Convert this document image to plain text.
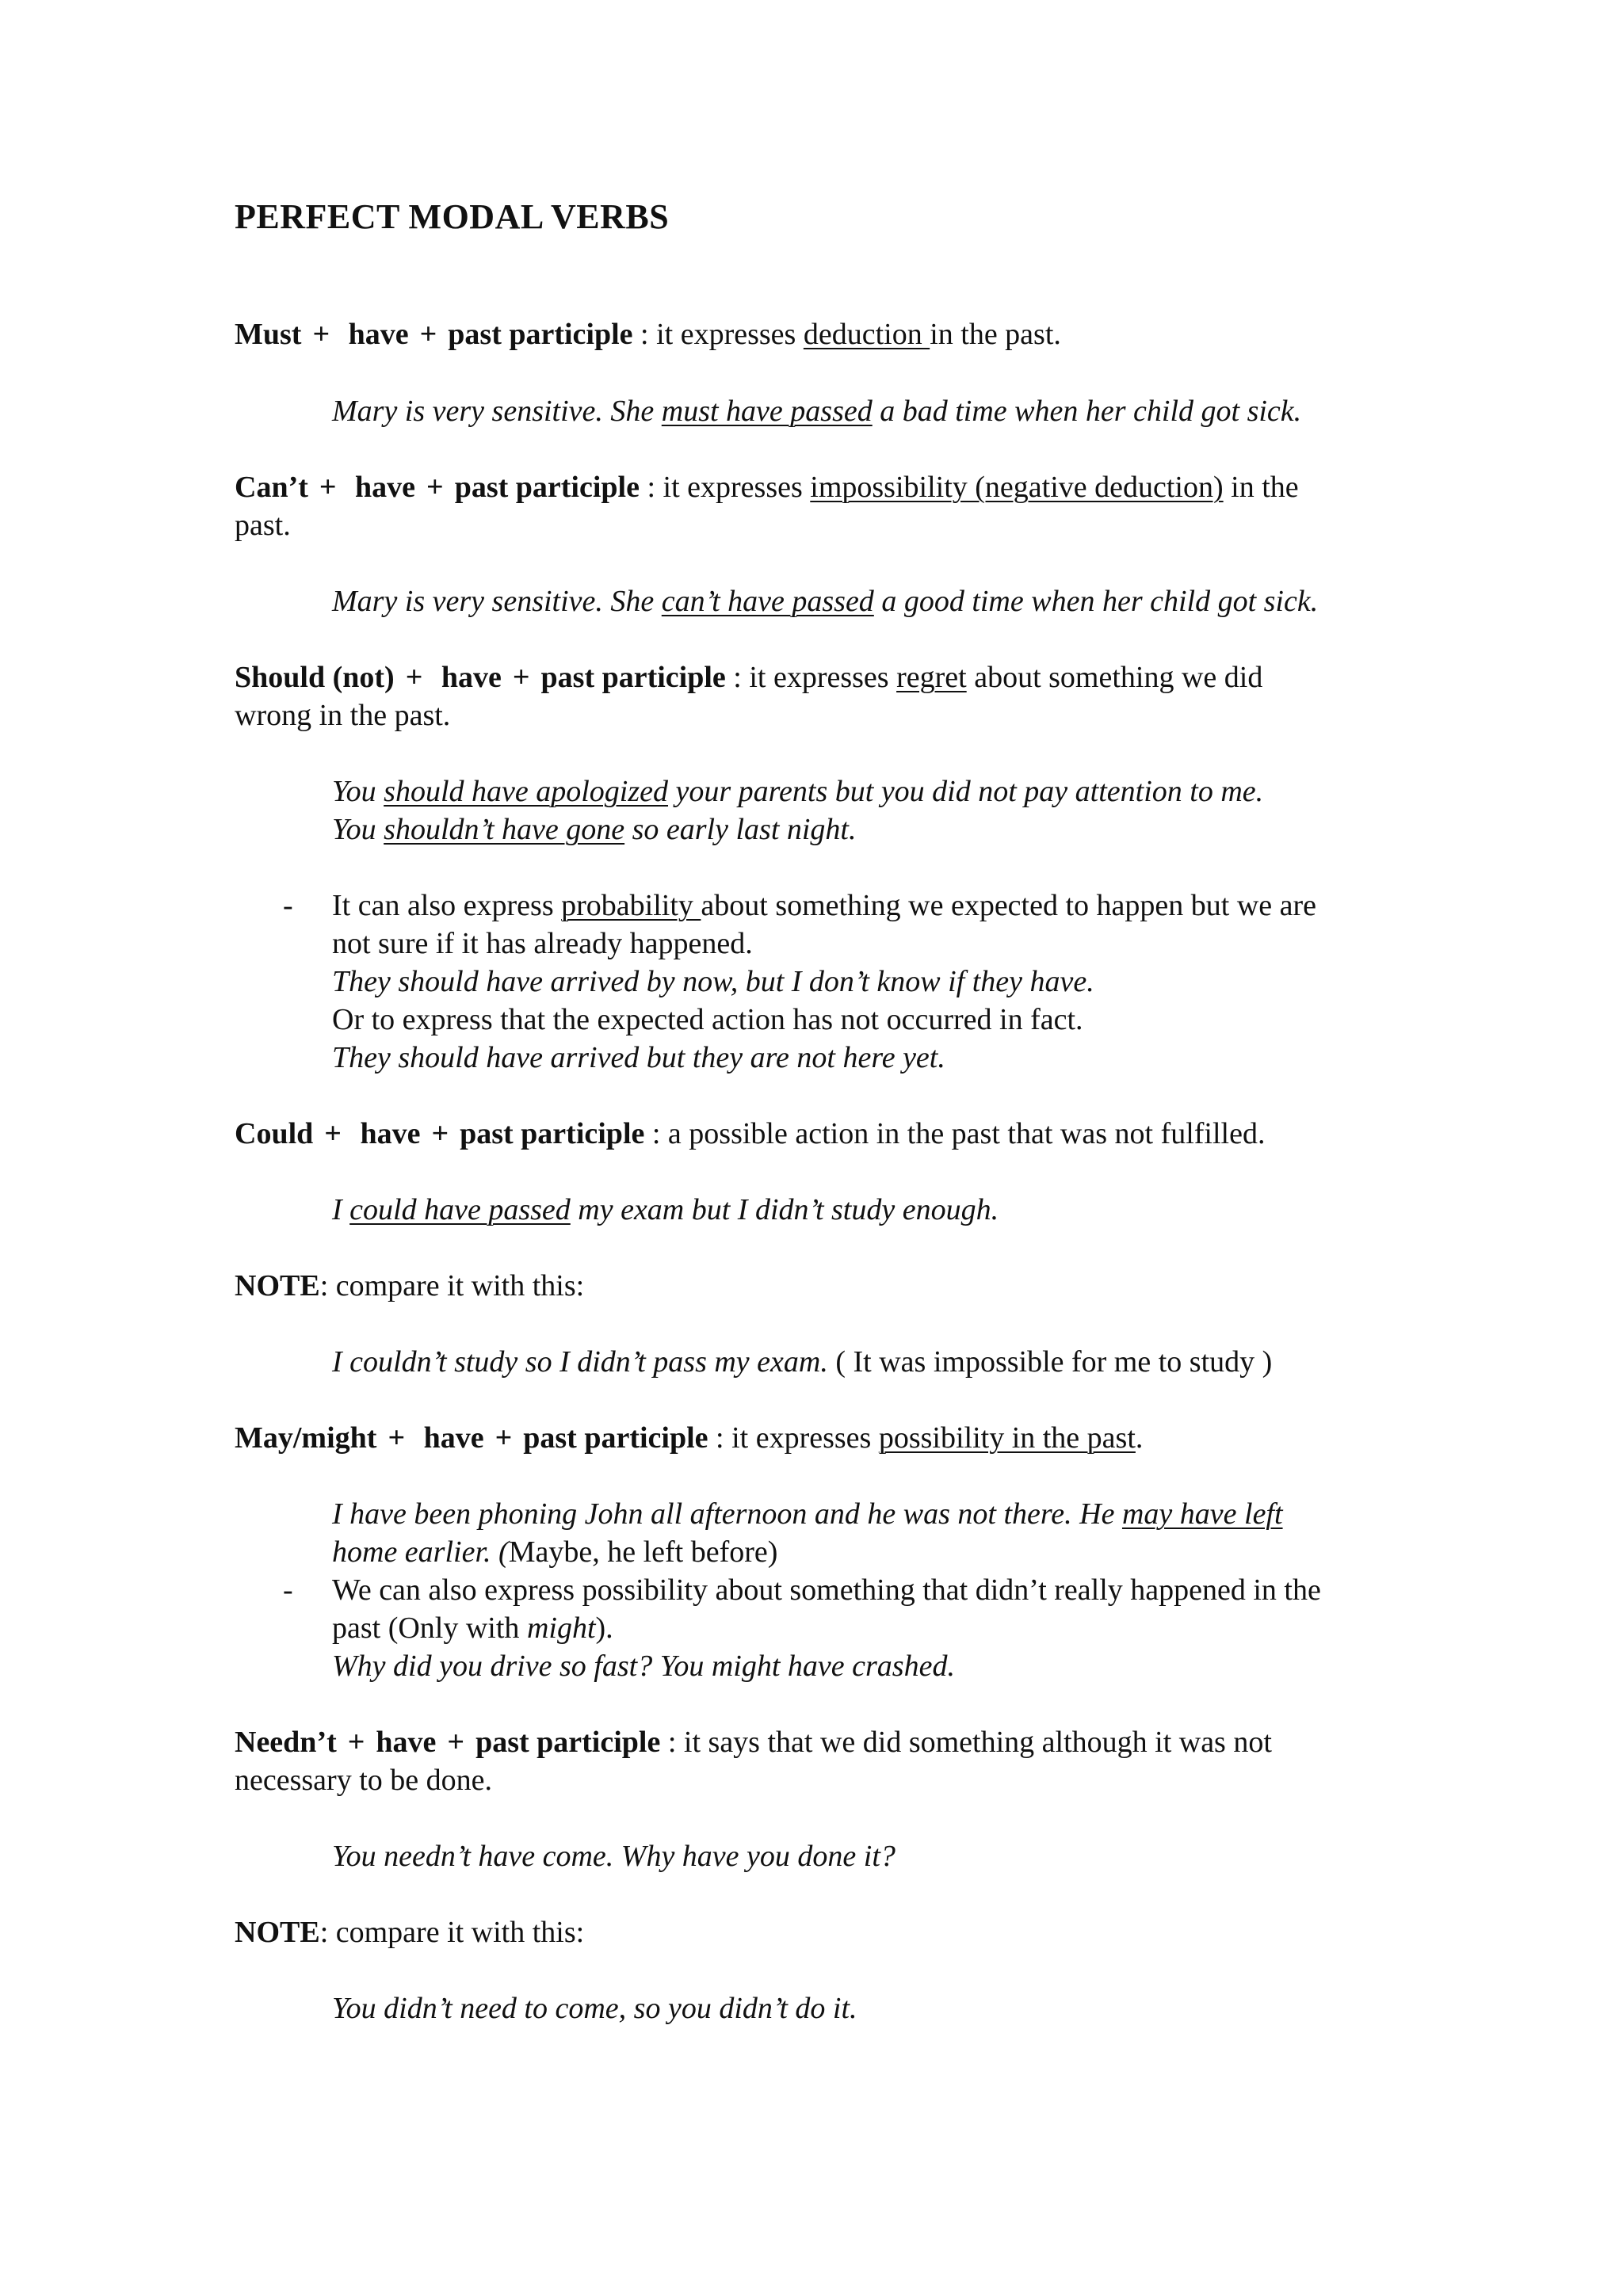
PERFECT MODAL VERBS
Must + have + past participle : it expresses deduction in the past.
Mary is very sensitive. She must have passed a bad time when her child got sick.
Can’t + have + past participle : it expresses impossibility (negative deduction) in the
past.
Mary is very sensitive. She can’t have passed a good time when her child got sick.
Should (not) + have + past participle : it expresses regret about something we did
wrong in the past.
You should have apologized your parents but you did not pay attention to me.
You shouldn’t have gone so early last night.
- It can also express probability about something we expected to happen but we are
not sure if it has already happened.
They should have arrived by now, but I don’t know if they have.
Or to express that the expected action has not occurred in fact.
They should have arrived but they are not here yet.
Could + have + past participle : a possible action in the past that was not fulfilled.
I could have passed my exam but I didn’t study enough.
NOTE: compare it with this:
I couldn’t study so I didn’t pass my exam. ( It was impossible for me to study )
May/might + have + past participle : it expresses possibility in the past.
I have been phoning John all afternoon and he was not there. He may have left
home earlier. (Maybe, he left before)
- We can also express possibility about something that didn’t really happened in the
past (Only with might).
Why did you drive so fast? You might have crashed.
Needn’t + have + past participle : it says that we did something although it was not
necessary to be done.
You needn’t have come. Why have you done it?
NOTE: compare it with this:
You didn’t need to come, so you didn’t do it.
